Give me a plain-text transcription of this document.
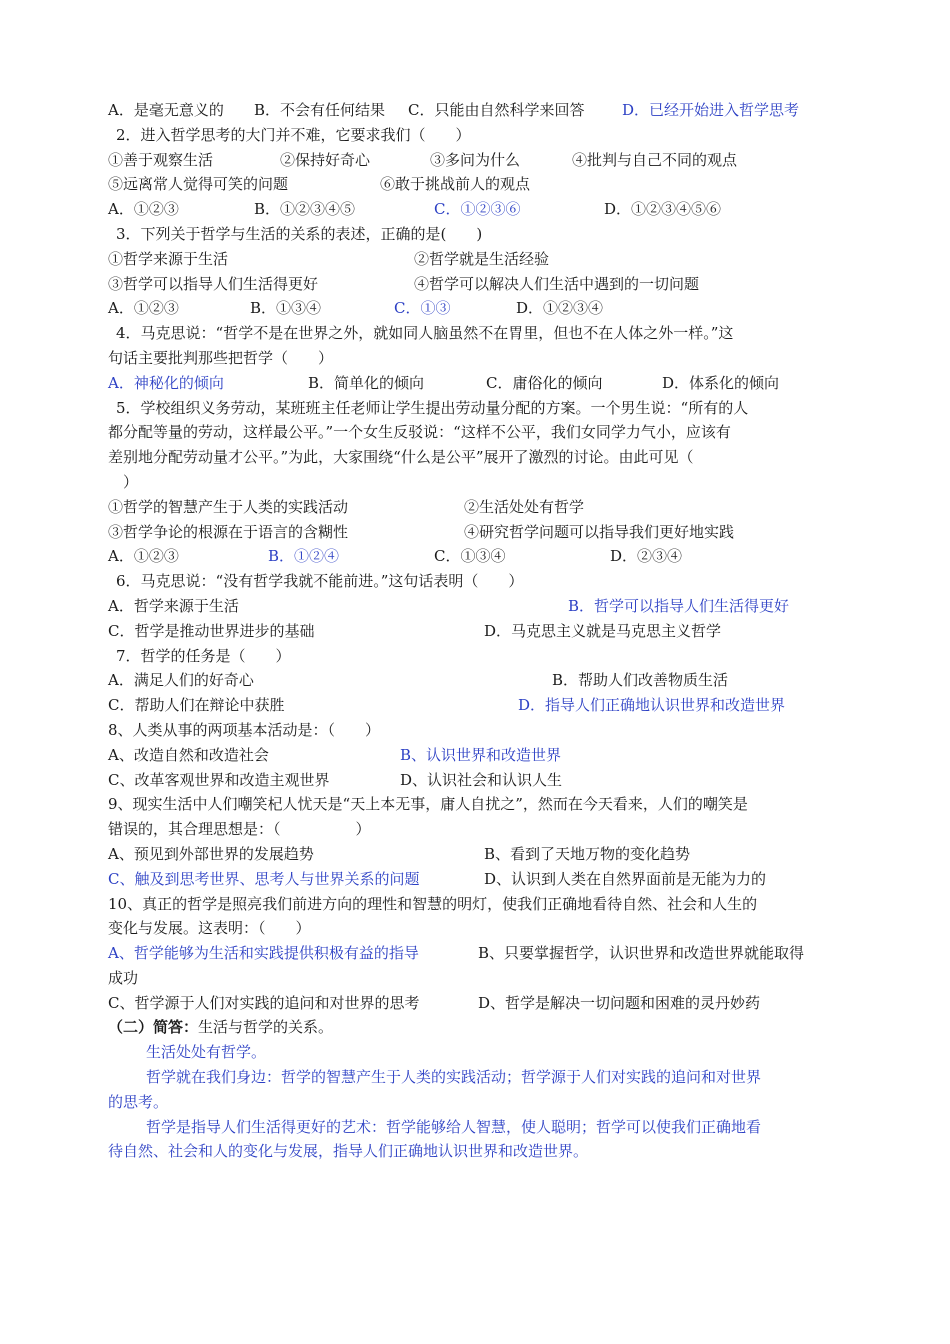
A．是毫无意义的

B．不会有任何结果

C．只能由自然科学来回答

	D．已经开始进入哲学思考

2．进入哲学思考的大门并不难，它要求我们（　　）

①善于观察生活

	②保持好奇心

	③多问为什么

	④批判与自己不同的观点

⑤远离常人觉得可笑的问题

	⑥敢于挑战前人的观点

A．①②③

	B．①②③④⑤

	C．①②③⑥

	D．①②③④⑤⑥

3．下列关于哲学与生活的关系的表述，正确的是(　　)

①哲学来源于生活

	②哲学就是生活经验

③哲学可以指导人们生活得更好

	④哲学可以解决人们生活中遇到的一切问题

A．①②③

	B．①③④

	C．①③

	D．①②③④

4．马克思说：“哲学不是在世界之外，就如同人脑虽然不在胃里，但也不在人体之外一样。”这
句话主要批判那些把哲学（　　）

A．神秘化的倾向

	B．简单化的倾向

	C．庸俗化的倾向

	D．体系化的倾向

5．学校组织义务劳动，某班班主任老师让学生提出劳动量分配的方案。一个男生说：“所有的人
都分配等量的劳动，这样最公平。”一个女生反驳说：“这样不公平，我们女同学力气小，应该有
差别地分配劳动量才公平。”为此，大家围绕“什么是公平”展开了激烈的讨论。由此可见（
　）

①哲学的智慧产生于人类的实践活动

	②生活处处有哲学

③哲学争论的根源在于语言的含糊性

	④研究哲学问题可以指导我们更好地实践

A．①②③

	B．①②④

	C．①③④

	D．②③④

6．马克思说：“没有哲学我就不能前进。”这句话表明（　　）

A．哲学来源于生活

	B．哲学可以指导人们生活得更好

C．哲学是推动世界进步的基础

	D．马克思主义就是马克思主义哲学

7．哲学的任务是（　　）

A．满足人们的好奇心

	B．帮助人们改善物质生活

C．帮助人们在辩论中获胜

	D．指导人们正确地认识世界和改造世界

8、人类从事的两项基本活动是：（　　）

A、改造自然和改造社会

	B、认识世界和改造世界

C、改革客观世界和改造主观世界

	D、认识社会和认识人生

9、现实生活中人们嘲笑杞人忧天是“天上本无事，庸人自扰之”，然而在今天看来，人们的嘲笑是
错误的，其合理思想是：（　　　　　）

A、预见到外部世界的发展趋势

	B、看到了天地万物的变化趋势

C、触及到思考世界、思考人与世界关系的问题

	D、认识到人类在自然界面前是无能为力的

10、真正的哲学是照亮我们前进方向的理性和智慧的明灯，使我们正确地看待自然、社会和人生的
变化与发展。这表明：（　　）

A、哲学能够为生活和实践提供积极有益的指导

	B、只要掌握哲学，认识世界和改造世界就能取得

成功

C、哲学源于人们对实践的追问和对世界的思考

	D、哲学是解决一切问题和困难的灵丹妙药

（二）简答：生活与哲学的关系。

生活处处有哲学。
哲学就在我们身边：哲学的智慧产生于人类的实践活动；哲学源于人们对实践的追问和对世界
的思考。
哲学是指导人们生活得更好的艺术：哲学能够给人智慧，使人聪明；哲学可以使我们正确地看
待自然、社会和人的变化与发展，指导人们正确地认识世界和改造世界。
